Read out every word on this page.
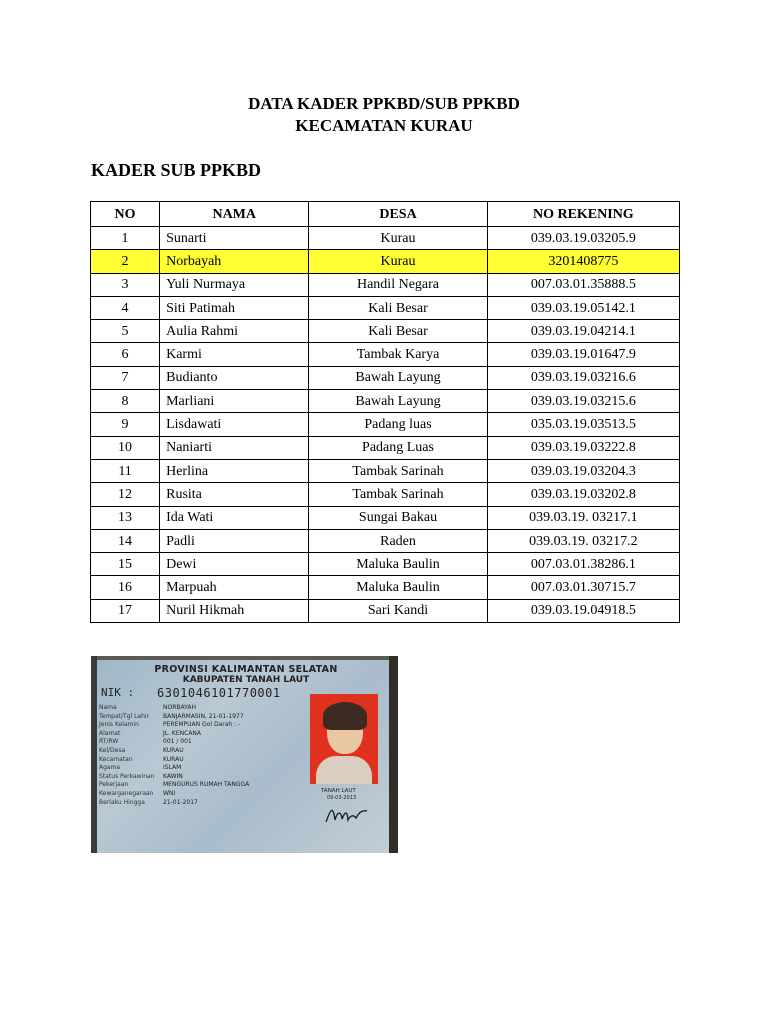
DATA KADER PPKBD/SUB PPKBD
KECAMATAN KURAU
KADER SUB PPKBD
NO	NAMA	DESA	NO REKENING
1	Sunarti	Kurau	039.03.19.03205.9
2	Norbayah	Kurau	3201408775
3	Yuli Nurmaya	Handil Negara	007.03.01.35888.5
4	Siti Patimah	Kali Besar	039.03.19.05142.1
5	Aulia Rahmi	Kali Besar	039.03.19.04214.1
6	Karmi	Tambak Karya	039.03.19.01647.9
7	Budianto	Bawah Layung	039.03.19.03216.6
8	Marliani	Bawah Layung	039.03.19.03215.6
9	Lisdawati	Padang luas	035.03.19.03513.5
10	Naniarti	Padang Luas	039.03.19.03222.8
11	Herlina	Tambak Sarinah	039.03.19.03204.3
12	Rusita	Tambak Sarinah	039.03.19.03202.8
13	Ida Wati	Sungai Bakau	039.03.19. 03217.1
14	Padli	Raden	039.03.19. 03217.2
15	Dewi	Maluka Baulin	007.03.01.38286.1
16	Marpuah	Maluka Baulin	007.03.01.30715.7
17	Nuril Hikmah	Sari Kandi	039.03.19.04918.5
PROVINSI KALIMANTAN SELATAN
KABUPATEN TANAH LAUT
NIK : 6301046101770001
Nama	NORBAYAH
Tempat/Tgl Lahir BANJARMASIN, 21-01-1977
Jenis Kelamin	PEREMPUAN Gol Darah : -
Alamat	JL. KENCANA
RT/RW	001 / 001
Kel/Desa	KURAU
Kecamatan	KURAU
Agama	ISLAM
Status Perkawinan KAWIN
Pekerjaan	MENGURUS RUMAH TANGGA
Kewarganegaraan WNI
Berlaku Hingga	21-01-2017
TANAH LAUT
09-03-2013
